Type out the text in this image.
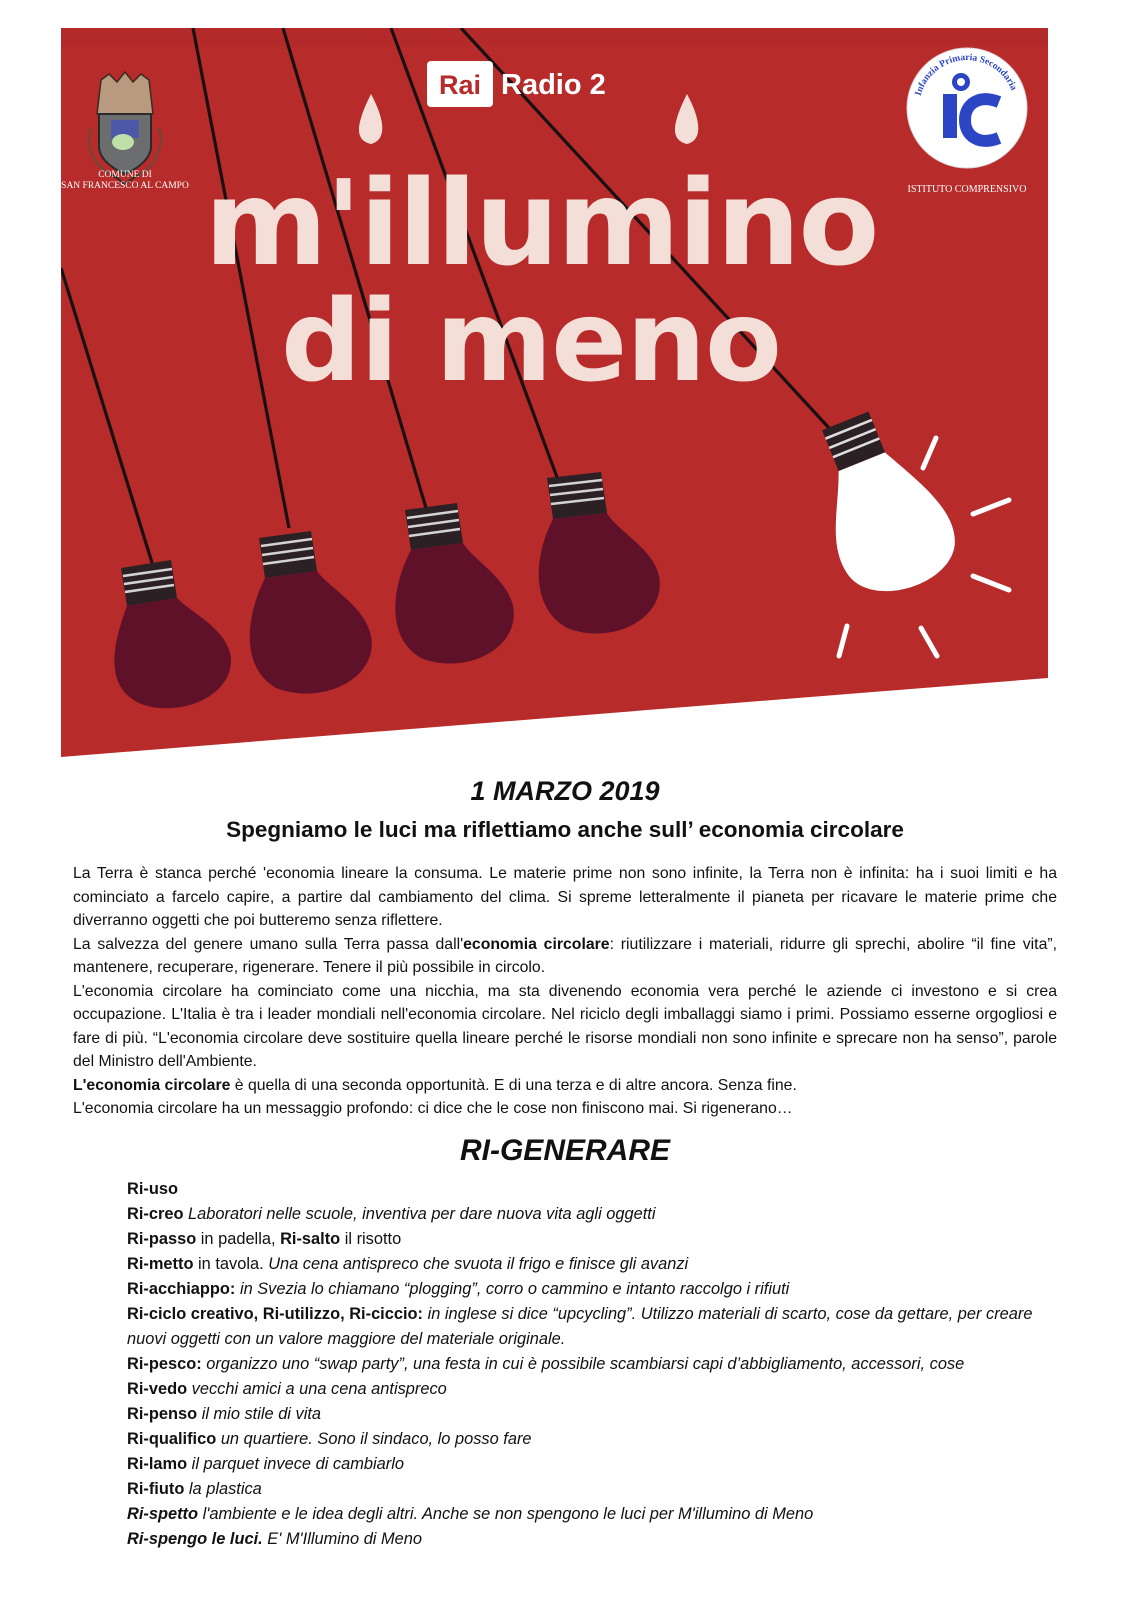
Rai Radio 2
m'illumino
di meno
COMUNE DI
SAN FRANCESCO AL CAMPO
Infanzia Primaria Secondaria
ISTITUTO COMPRENSIVO
1 MARZO 2019
Spegniamo le luci ma riflettiamo anche sull’ economia circolare

La Terra è stanca perché 'economia lineare la consuma. Le materie prime non sono infinite, la Terra non è infinita: ha i suoi limiti e ha cominciato a farcelo capire, a partire dal cambiamento del clima. Si spreme letteralmente il pianeta per ricavare le materie prime che diverranno oggetti che poi butteremo senza riflettere.

La salvezza del genere umano sulla Terra passa dall'economia circolare: riutilizzare i materiali, ridurre gli sprechi, abolire “il fine vita”, mantenere, recuperare, rigenerare. Tenere il più possibile in circolo.

L'economia circolare ha cominciato come una nicchia, ma sta divenendo economia vera perché le aziende ci investono e si crea occupazione. L'Italia è tra i leader mondiali nell'economia circolare. Nel riciclo degli imballaggi siamo i primi. Possiamo esserne orgogliosi e fare di più. “L'economia circolare deve sostituire quella lineare perché le risorse mondiali non sono infinite e sprecare non ha senso”, parole del Ministro dell'Ambiente.

L'economia circolare è quella di una seconda opportunità. E di una terza e di altre ancora. Senza fine.

L'economia circolare ha un messaggio profondo: ci dice che le cose non finiscono mai. Si rigenerano…

RI-GENERARE
Ri-uso
Ri-creo Laboratori nelle scuole, inventiva per dare nuova vita agli oggetti
Ri-passo in padella, Ri-salto il risotto
Ri-metto in tavola. Una cena antispreco che svuota il frigo e finisce gli avanzi
Ri-acchiappo: in Svezia lo chiamano “plogging”, corro o cammino e intanto raccolgo i rifiuti
Ri-ciclo creativo, Ri-utilizzo, Ri-ciccio: in inglese si dice “upcycling”. Utilizzo materiali di scarto, cose da gettare, per creare nuovi oggetti con un valore maggiore del materiale originale.
Ri-pesco: organizzo uno “swap party”, una festa in cui è possibile scambiarsi capi d’abbigliamento, accessori, cose
Ri-vedo vecchi amici a una cena antispreco
Ri-penso il mio stile di vita
Ri-qualifico un quartiere. Sono il sindaco, lo posso fare
Ri-lamo il parquet invece di cambiarlo
Ri-fiuto la plastica
Ri-spetto l'ambiente e le idea degli altri. Anche se non spengono le luci per M'illumino di Meno
Ri-spengo le luci. E' M'Illumino di Meno
